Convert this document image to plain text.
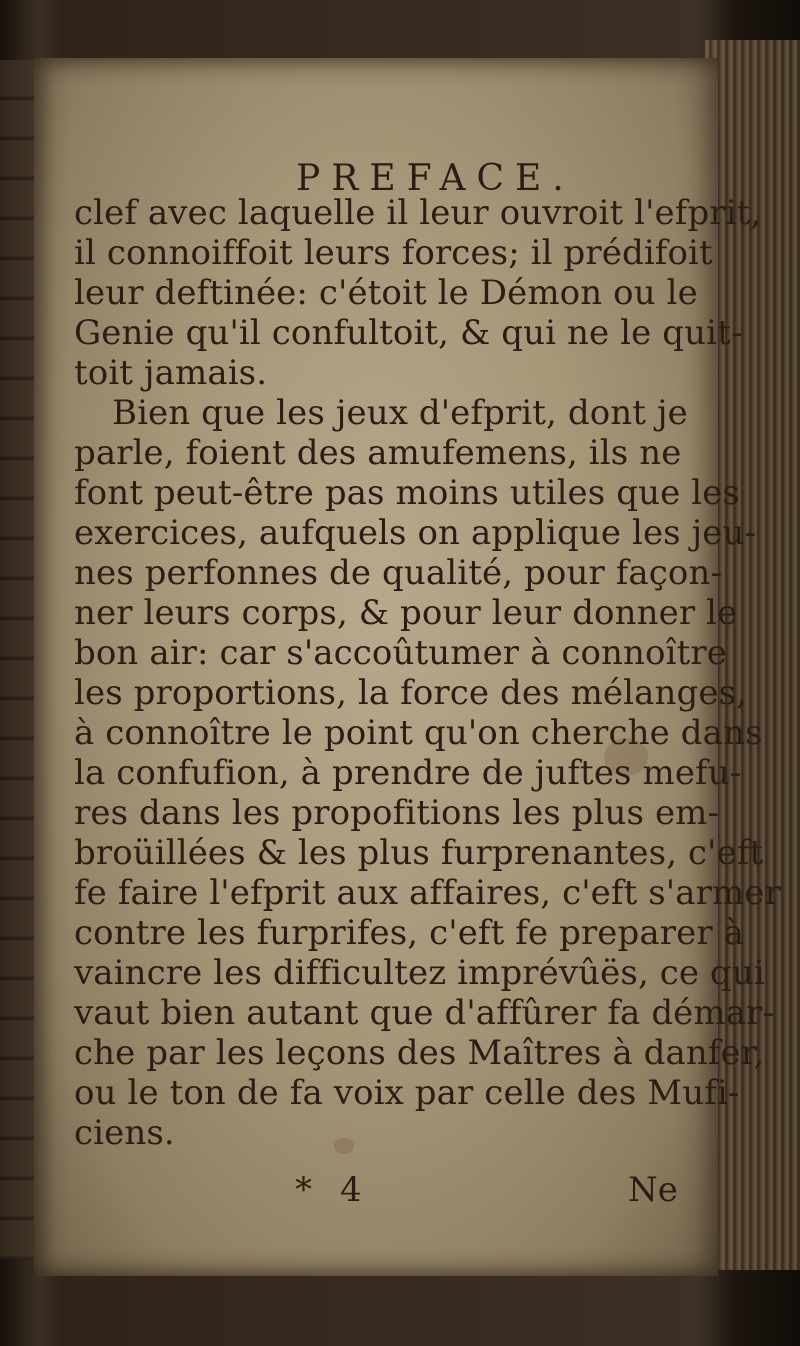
PREFACE.
clef avec laquelle il leur ouvroit l'efprit,
il connoiffoit leurs forces; il prédifoit
leur deftinée: c'étoit le Démon ou le
Genie qu'il confultoit, & qui ne le quit-
toit jamais.
Bien que les jeux d'efprit, dont je
parle, foient des amufemens, ils ne
font peut-être pas moins utiles que les
exercices, aufquels on applique les jeu-
nes perfonnes de qualité, pour façon-
ner leurs corps, & pour leur donner le
bon air: car s'accoûtumer à connoître
les proportions, la force des mélanges,
à connoître le point qu'on cherche dans
la confufion, à prendre de juftes mefu-
res dans les propofitions les plus em-
broüillées & les plus furprenantes, c'eft
fe faire l'efprit aux affaires, c'eft s'armer
contre les furprifes, c'eft fe preparer à
vaincre les difficultez imprévûës, ce qui
vaut bien autant que d'affûrer fa démar-
che par les leçons des Maîtres à danfer,
ou le ton de fa voix par celle des Mufi-
ciens.
* 4	Ne
